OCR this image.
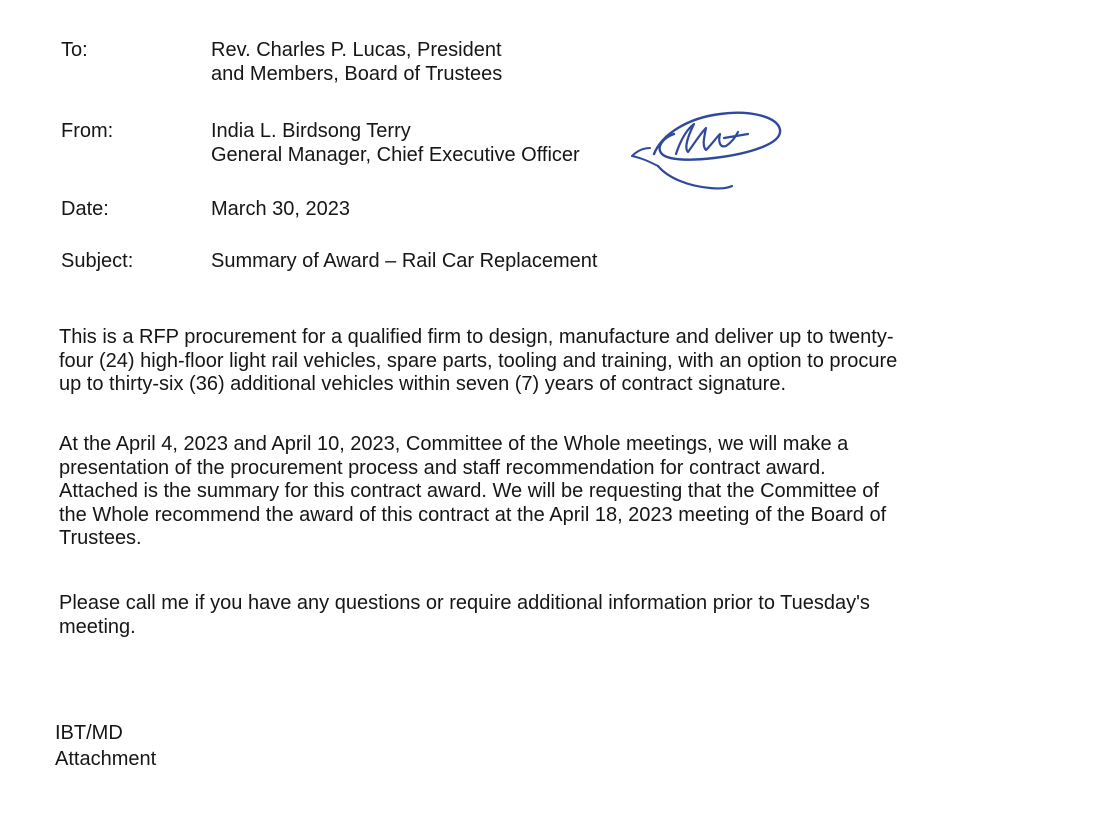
To:	Rev. Charles P. Lucas, President
and Members, Board of Trustees
From:	India L. Birdsong Terry
General Manager, Chief Executive Officer
Date:	March 30, 2023
Subject:	Summary of Award – Rail Car Replacement
This is a RFP procurement for a qualified firm to design, manufacture and deliver up to twenty-
four (24) high-floor light rail vehicles, spare parts, tooling and training, with an option to procure
up to thirty-six (36) additional vehicles within seven (7) years of contract signature.
At the April 4, 2023 and April 10, 2023, Committee of the Whole meetings, we will make a
presentation of the procurement process and staff recommendation for contract award.
Attached is the summary for this contract award. We will be requesting that the Committee of
the Whole recommend the award of this contract at the April 18, 2023 meeting of the Board of
Trustees.
Please call me if you have any questions or require additional information prior to Tuesday's
meeting.
IBT/MD
Attachment
